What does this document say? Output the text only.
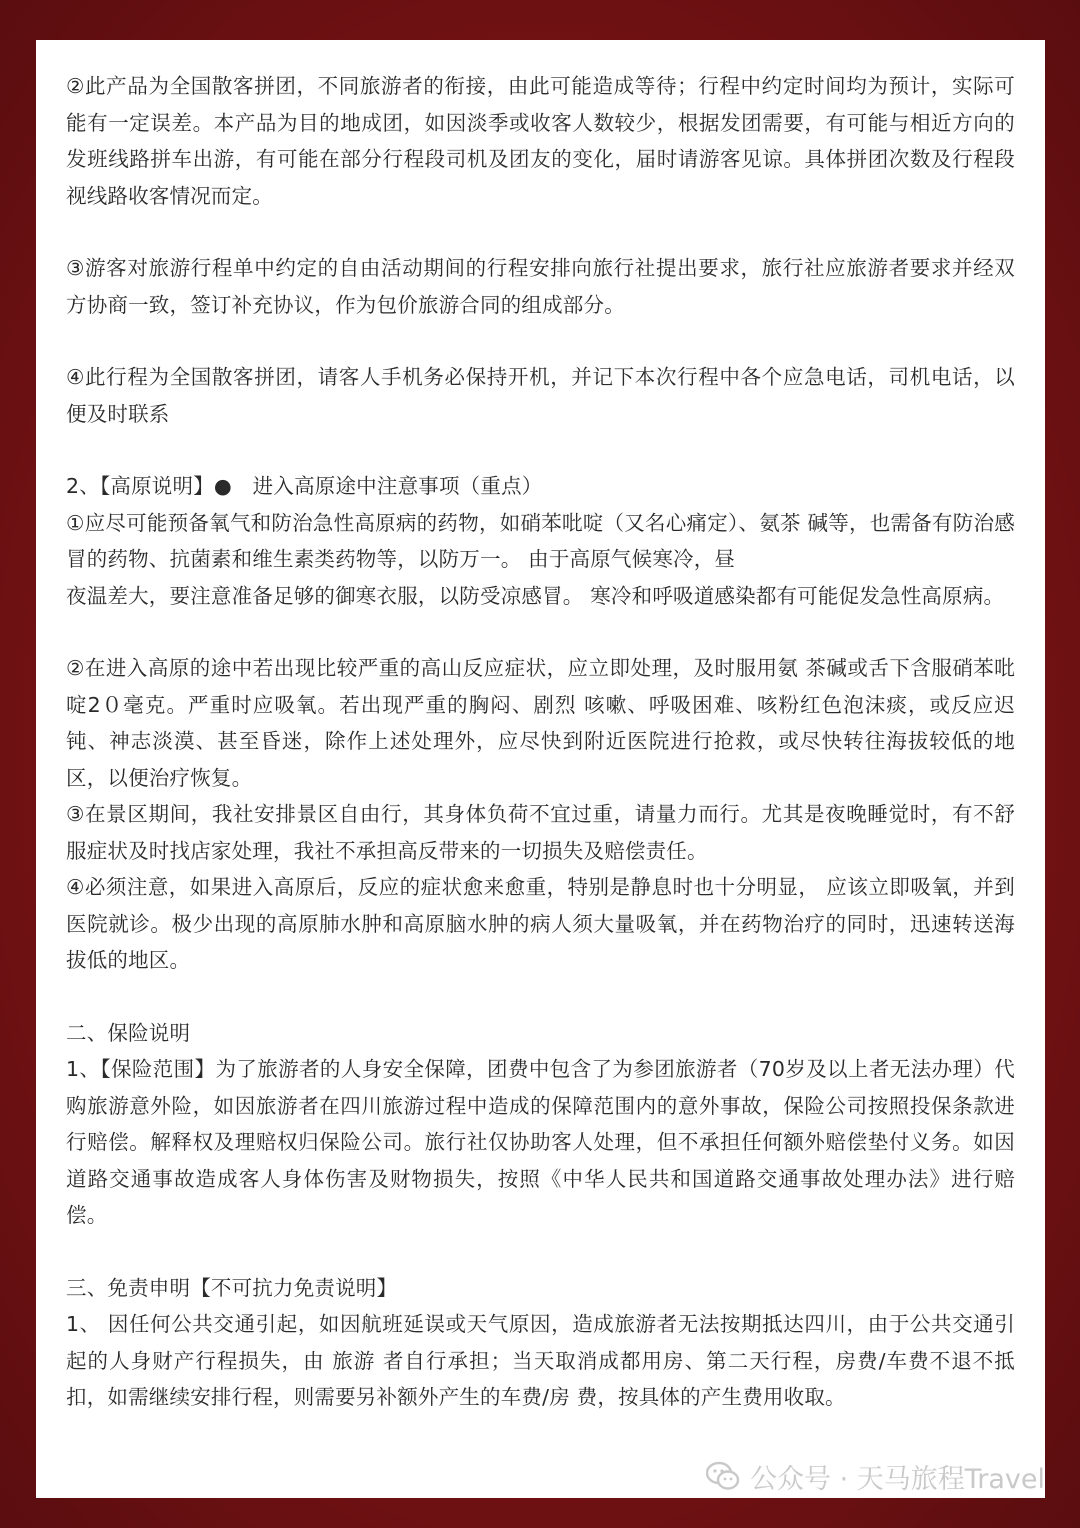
②此产品为全国散客拼团，不同旅游者的衔接，由此可能造成等待；行程中约定时间均为预计，实际可能有一定误差。本产品为目的地成团，如因淡季或收客人数较少，根据发团需要，有可能与相近方向的发班线路拼车出游，有可能在部分行程段司机及团友的变化，届时请游客见谅。具体拼团次数及行程段视线路收客情况而定。

③游客对旅游行程单中约定的自由活动期间的行程安排向旅行社提出要求，旅行社应旅游者要求并经双方协商一致，签订补充协议，作为包价旅游合同的组成部分。

④此行程为全国散客拼团，请客人手机务必保持开机，并记下本次行程中各个应急电话，司机电话，以便及时联系

2、【高原说明】●　进入高原途中注意事项（重点）

①应尽可能预备氧气和防治急性高原病的药物，如硝苯吡啶（又名心痛定）、氨茶 碱等，也需备有防治感冒的药物、抗菌素和维生素类药物等，以防万一。 由于高原气候寒冷，昼

夜温差大，要注意准备足够的御寒衣服，以防受凉感冒。 寒冷和呼吸道感染都有可能促发急性高原病。

②在进入高原的途中若出现比较严重的高山反应症状，应立即处理，及时服用氨 茶碱或舌下含服硝苯吡啶2０毫克。严重时应吸氧。若出现严重的胸闷、剧烈 咳嗽、呼吸困难、咳粉红色泡沫痰，或反应迟钝、神志淡漠、甚至昏迷，除作上述处理外，应尽快到附近医院进行抢救，或尽快转往海拔较低的地区，以便治疗恢复。

③在景区期间，我社安排景区自由行，其身体负荷不宜过重，请量力而行。尤其是夜晚睡觉时，有不舒服症状及时找店家处理，我社不承担高反带来的一切损失及赔偿责任。

④必须注意，如果进入高原后，反应的症状愈来愈重，特别是静息时也十分明显， 应该立即吸氧，并到医院就诊。极少出现的高原肺水肿和高原脑水肿的病人须大量吸氧，并在药物治疗的同时，迅速转送海拔低的地区。

二、保险说明

1、【保险范围】为了旅游者的人身安全保障，团费中包含了为参团旅游者（70岁及以上者无法办理）代购旅游意外险，如因旅游者在四川旅游过程中造成的保障范围内的意外事故，保险公司按照投保条款进行赔偿。解释权及理赔权归保险公司。旅行社仅协助客人处理，但不承担任何额外赔偿垫付义务。如因道路交通事故造成客人身体伤害及财物损失，按照《中华人民共和国道路交通事故处理办法》进行赔偿。

三、免责申明【不可抗力免责说明】

1、 因任何公共交通引起，如因航班延误或天气原因，造成旅游者无法按期抵达四川，由于公共交通引起的人身财产行程损失，由 旅游 者自行承担；当天取消成都用房、第二天行程，房费/车费不退不抵扣，如需继续安排行程，则需要另补额外产生的车费/房 费，按具体的产生费用收取。

公众号 · 天马旅程Travel
